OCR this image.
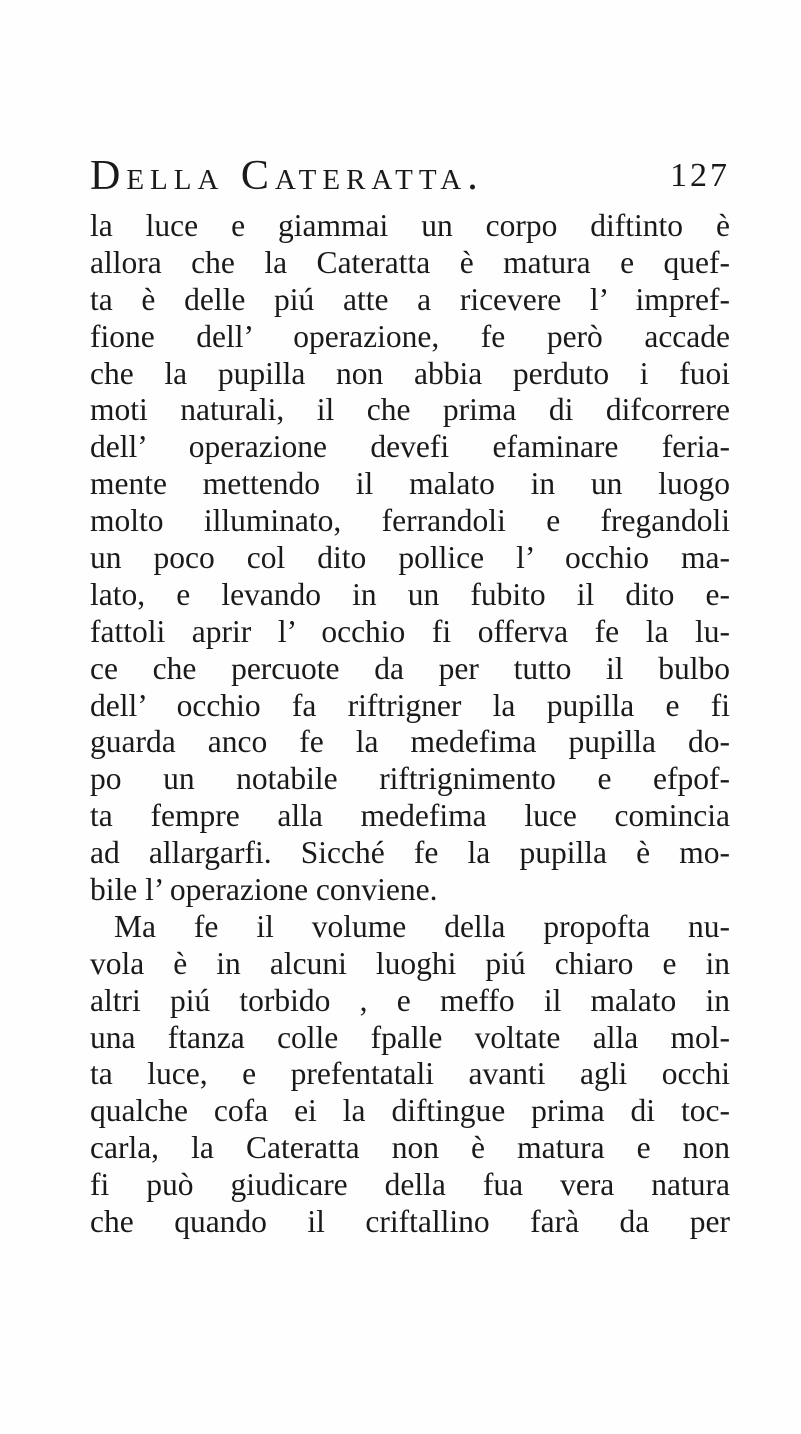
Della Cateratta.	127
la luce e giammai un corpo diftinto è
allora che la Cateratta è matura e quef-
ta è delle piú atte a ricevere l’ impref-
fione dell’ operazione, fe però accade
che la pupilla non abbia perduto i fuoi
moti naturali, il che prima di difcorrere
dell’ operazione devefi efaminare feria-
mente mettendo il malato in un luogo
molto illuminato, ferrandoli e fregandoli
un poco col dito pollice l’ occhio ma-
lato, e levando in un fubito il dito e-
fattoli aprir l’ occhio fi offerva fe la lu-
ce che percuote da per tutto il bulbo
dell’ occhio fa riftrigner la pupilla e fi
guarda anco fe la medefima pupilla do-
po un notabile riftrignimento e efpof-
ta fempre alla medefima luce comincia
ad allargarfi. Sicché fe la pupilla è mo-
bile l’ operazione conviene.
Ma fe il volume della propofta nu-
vola è in alcuni luoghi piú chiaro e in
altri piú torbido , e meffo il malato in
una ftanza colle fpalle voltate alla mol-
ta luce, e prefentatali avanti agli occhi
qualche cofa ei la diftingue prima di toc-
carla, la Cateratta non è matura e non
fi può giudicare della fua vera natura
che quando il criftallino farà da per
